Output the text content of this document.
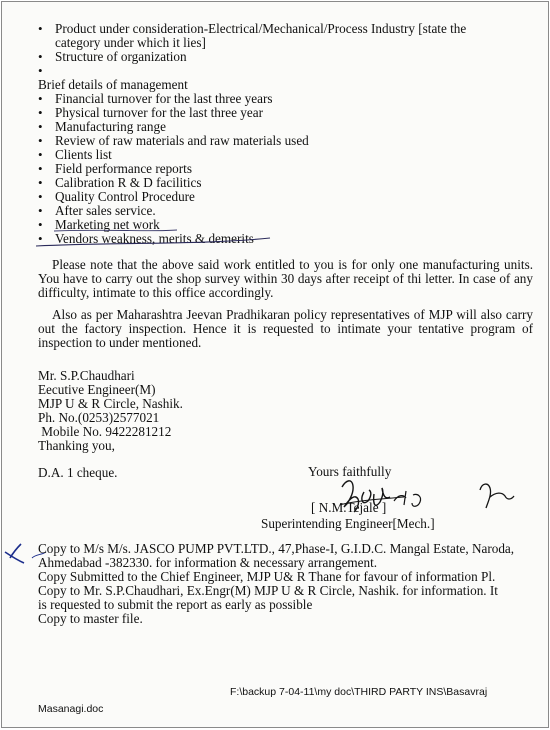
• Product under consideration-Electrical/Mechanical/Process Industry [state the
category under which it lies]
• Structure of organization
•
Brief details of management
• Financial turnover for the last three years
• Physical turnover for the last three year
• Manufacturing range
• Review of raw materials and raw materials used
• Clients list
• Field performance reports
• Calibration R & D facilitics
• Quality Control Procedure
• After sales service.
• Marketing net work
• Vendors weakness, merits & demerits
Please note that the above said work entitled to you is for only one manufacturing units. You have to carry out the shop survey within 30 days after receipt of thi letter. In case of any difficulty, intimate to this office accordingly.
Also as per Maharashtra Jeevan Pradhikaran policy representatives of MJP will also carry out the factory inspection. Hence it is requested to intimate your tentative program of inspection to under mentioned.
Mr. S.P.Chaudhari
Eecutive Engineer(M)
MJP U & R Circle, Nashik.
Ph. No.(0253)2577021
Mobile No. 9422281212
Thanking you,
D.A. 1 cheque.	Yours faithfully
[ N.M.Tejale ]
Superintending Engineer[Mech.]
Copy to M/s M/s. JASCO PUMP PVT.LTD., 47,Phase-I, G.I.D.C. Mangal Estate, Naroda,
Ahmedabad -382330. for information & necessary arrangement.
Copy Submitted to the Chief Engineer, MJP U& R Thane for favour of information Pl.
Copy to Mr. S.P.Chaudhari, Ex.Engr(M) MJP U & R Circle, Nashik. for information. It
is requested to submit the report as early as possible
Copy to master file.
F:\backup 7-04-11\my doc\THIRD PARTY INS\Basavraj
Masanagi.doc
